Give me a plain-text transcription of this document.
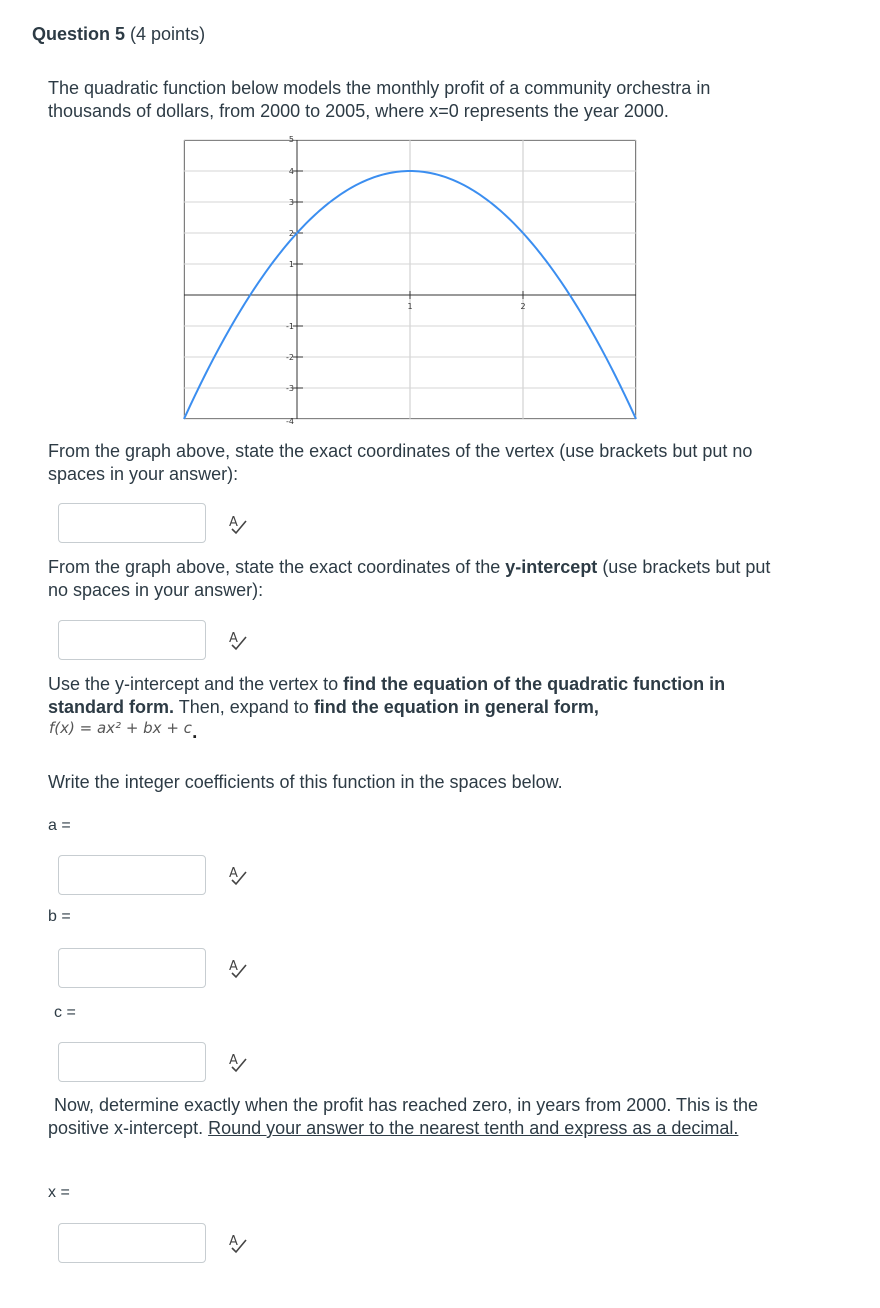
Question 5 (4 points)
The quadratic function below models the monthly profit of a community orchestra in thousands of dollars, from 2000 to 2005, where x=0 represents the year 2000.
4
3
2
1
-1
-2
-3
5
-4
1	2
From the graph above, state the exact coordinates of the vertex (use brackets but put no spaces in your answer):
A
From the graph above, state the exact coordinates of the y-intercept (use brackets but put no spaces in your answer):
A
Use the y-intercept and the vertex to find the equation of the quadratic function in standard form. Then, expand to find the equation in general form,
f(x) = ax² + bx + c.
Write the integer coefficients of this function in the spaces below.
a =
A
b =
A
c =
A
Now, determine exactly when the profit has reached zero, in years from 2000. This is the positive x-intercept. Round your answer to the nearest tenth and express as a decimal.
x =
A
